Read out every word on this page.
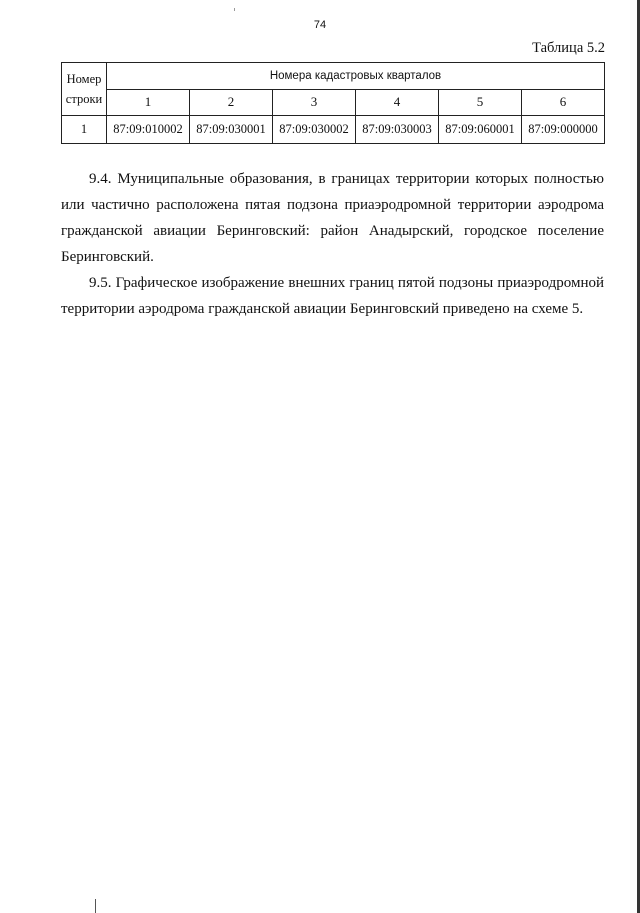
74
Таблица 5.2
Номер строки	Номера кадастровых кварталов					
	1	2	3	4	5	6
1	87:09:010002	87:09:030001	87:09:030002	87:09:030003	87:09:060001	87:09:000000

9.4. Муниципальные образования, в границах территории которых полностью или частично расположена пятая подзона приаэродромной территории аэродрома гражданской авиации Беринговский: район Анадырский, городское поселение Беринговский.

9.5. Графическое изображение внешних границ пятой подзоны приаэродромной территории аэродрома гражданской авиации Беринговский приведено на схеме 5.
